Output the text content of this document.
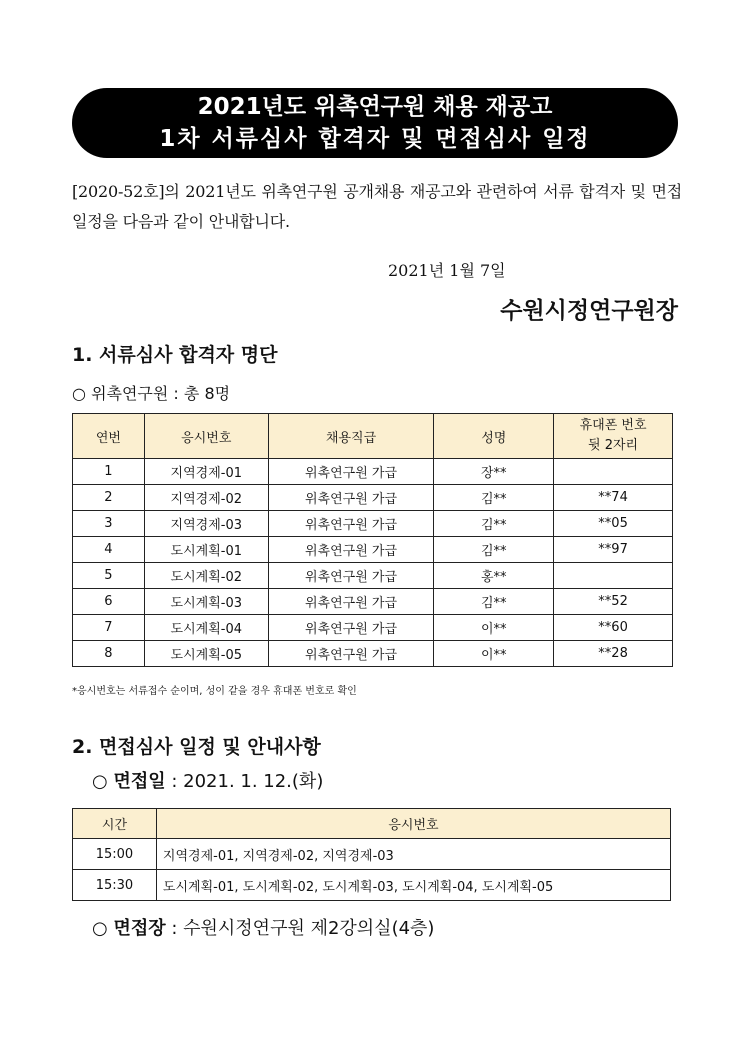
2021년도 위촉연구원 채용 재공고
1차 서류심사 합격자 및 면접심사 일정
[2020-52호]의 2021년도 위촉연구원 공개채용 재공고와 관련하여 서류 합격자 및 면접일정을 다음과 같이 안내합니다.
2021년 1월 7일
수원시정연구원장
1. 서류심사 합격자 명단
○ 위촉연구원 : 총 8명
연번	응시번호	채용직급	성명	휴대폰 번호
뒷 2자리
1	지역경제-01	위촉연구원 가급	장**	
2	지역경제-02	위촉연구원 가급	김**	**74
3	지역경제-03	위촉연구원 가급	김**	**05
4	도시계획-01	위촉연구원 가급	김**	**97
5	도시계획-02	위촉연구원 가급	홍**	
6	도시계획-03	위촉연구원 가급	김**	**52
7	도시계획-04	위촉연구원 가급	이**	**60
8	도시계획-05	위촉연구원 가급	이**	**28
*응시번호는 서류접수 순이며, 성이 같을 경우 휴대폰 번호로 확인
2. 면접심사 일정 및 안내사항
○ 면접일 : 2021. 1. 12.(화)
시간	응시번호
15:00	지역경제-01, 지역경제-02, 지역경제-03
15:30	도시계획-01, 도시계획-02, 도시계획-03, 도시계획-04, 도시계획-05
○ 면접장 : 수원시정연구원 제2강의실(4층)
